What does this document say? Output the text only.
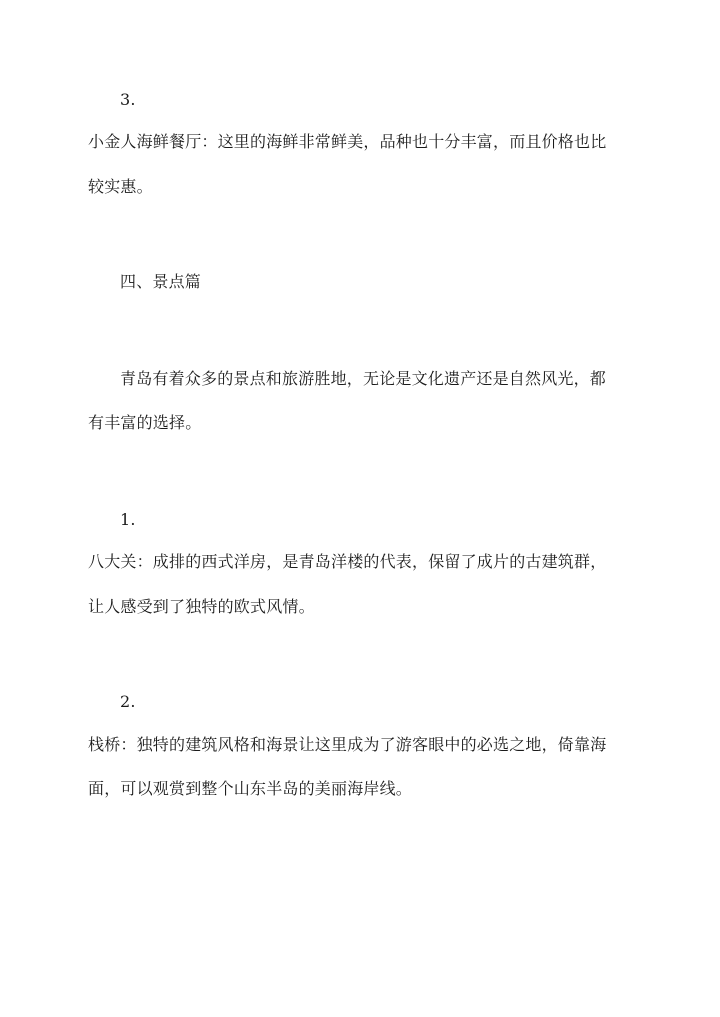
3.
小金人海鲜餐厅：这里的海鲜非常鲜美，品种也十分丰富，而且价格也比
较实惠。
四、景点篇
青岛有着众多的景点和旅游胜地，无论是文化遗产还是自然风光，都
有丰富的选择。
1.
八大关：成排的西式洋房，是青岛洋楼的代表，保留了成片的古建筑群，
让人感受到了独特的欧式风情。
2.
栈桥：独特的建筑风格和海景让这里成为了游客眼中的必选之地，倚靠海
面，可以观赏到整个山东半岛的美丽海岸线。
